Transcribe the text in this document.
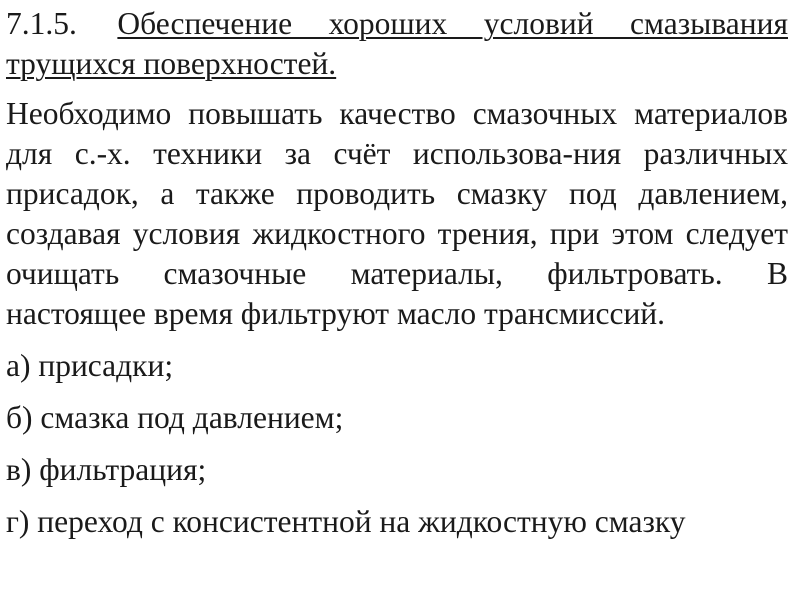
7.1.5. Обеспечение хороших условий смазывания трущихся поверхностей.

Необходимо повышать качество смазочных материалов для с.-х. техники за счёт использова-ния различных присадок, а также проводить смазку под давлением, создавая условия жидкостного трения, при этом следует очищать смазочные материалы, фильтровать. В настоящее время фильтруют масло трансмиссий.

а) присадки;
б) смазка под давлением;
в) фильтрация;
г) переход с консистентной на жидкостную смазку
